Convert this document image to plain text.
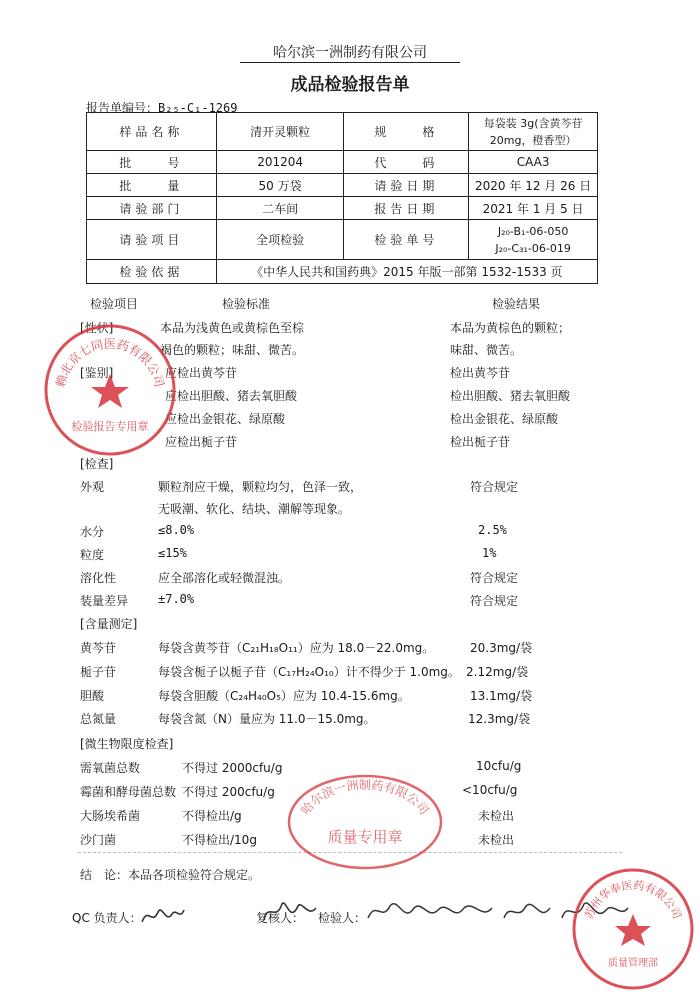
哈尔滨一洲制药有限公司
成品检验报告单
报告单编号：B₂₅-C₁-1269
样品名称	清开灵颗粒	规　　格	每袋装 3g(含黄芩苷20mg，橙香型）
批　　号	201204	代　　码	CAA3
批　　量	50 万袋	请验日期	2020 年 12 月 26 日
请验部门	二车间	报告日期	2021 年 1 月 5 日
请验项目	全项检验	检验单号	J₂₀-B₁-06-050
J₂₀-C₃₁-06-019

检验依据	《中华人民共和国药典》2015 年版一部第 1532-1533 页		
检验项目	检验标准	检验结果
[性状]	本品为浅黄色或黄棕色至棕	本品为黄棕色的颗粒；
褐色的颗粒；味甜、微苦。	味甜、微苦。
[鉴别]	应检出黄芩苷	检出黄芩苷
应检出胆酸、猪去氧胆酸	检出胆酸、猪去氧胆酸
应检出金银花、绿原酸	检出金银花、绿原酸
应检出栀子苷	检出栀子苷
[检查]
外观	颗粒剂应干燥，颗粒均匀，色泽一致，	符合规定
无吸潮、软化、结块、潮解等现象。
水分	≤8.0%	2.5%
粒度	≤15%	1%
溶化性	应全部溶化或轻微混浊。	符合规定
装量差异 ±7.0%	符合规定
[含量测定]
黄芩苷	每袋含黄芩苷（C₂₁H₁₈O₁₁）应为 18.0－22.0mg。	20.3mg/袋
栀子苷	每袋含栀子以栀子苷（C₁₇H₂₄O₁₀）计不得少于 1.0mg。 2.12mg/袋
胆酸	每袋含胆酸（C₂₄H₄₀O₅）应为 10.4-15.6mg。	13.1mg/袋
总氮量	每袋含氮（N）量应为 11.0－15.0mg。	12.3mg/袋
[微生物限度检查]
需氧菌总数	不得过 2000cfu/g	10cfu/g
霉菌和酵母菌总数 不得过 200cfu/g	<10cfu/g
大肠埃希菌	不得检出/g	未检出
沙门菌	不得检出/10g	未检出
结　论：本品各项检验符合规定。
QC 负责人：	复核人： 检验人：
赖北京七同医药有限公司
检验报告专用章
哈尔滨一洲制药有限公司
质量专用章
苏州华奉医药有限公司
质量管理部
